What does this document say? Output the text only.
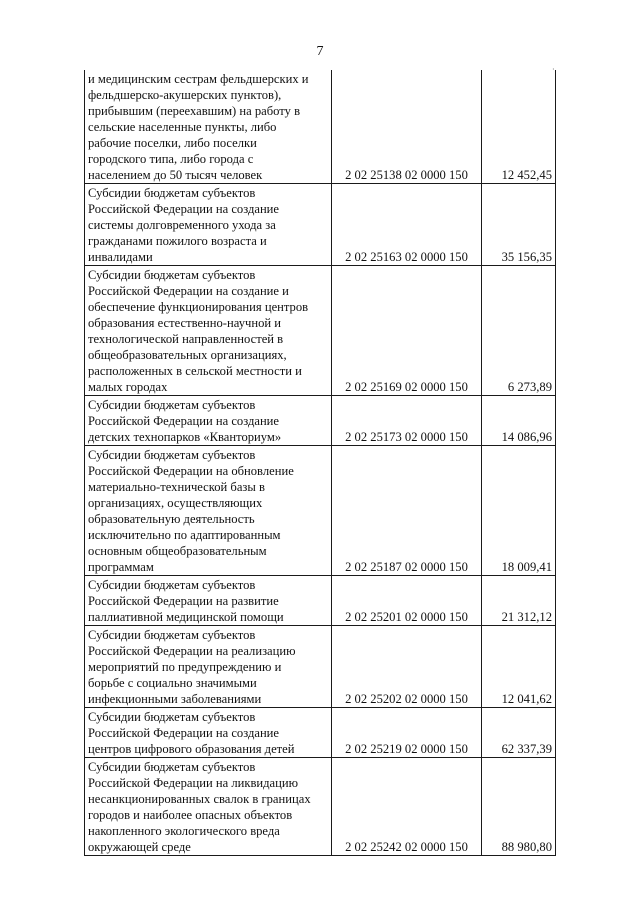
7
·
и медицинским сестрам фельдшерских и
фельдшерско-акушерских пунктов),
прибывшим (переехавшим) на работу в
сельские населенные пункты, либо
рабочие поселки, либо поселки
городского типа, либо города с
населением до 50 тысяч человек	2 02 25138 02 0000 150	12 452,45
Субсидии бюджетам субъектов
Российской Федерации на создание
системы долговременного ухода за
гражданами пожилого возраста и
инвалидами	2 02 25163 02 0000 150	35 156,35
Субсидии бюджетам субъектов
Российской Федерации на создание и
обеспечение функционирования центров
образования естественно-научной и
технологической направленностей в
общеобразовательных организациях,
расположенных в сельской местности и
малых городах	2 02 25169 02 0000 150	6 273,89
Субсидии бюджетам субъектов
Российской Федерации на создание
детских технопарков «Кванториум»	2 02 25173 02 0000 150	14 086,96
Субсидии бюджетам субъектов
Российской Федерации на обновление
материально-технической базы в
организациях, осуществляющих
образовательную деятельность
исключительно по адаптированным
основным общеобразовательным
программам	2 02 25187 02 0000 150	18 009,41
Субсидии бюджетам субъектов
Российской Федерации на развитие
паллиативной медицинской помощи	2 02 25201 02 0000 150	21 312,12
Субсидии бюджетам субъектов
Российской Федерации на реализацию
мероприятий по предупреждению и
борьбе с социально значимыми
инфекционными заболеваниями	2 02 25202 02 0000 150	12 041,62
Субсидии бюджетам субъектов
Российской Федерации на создание
центров цифрового образования детей	2 02 25219 02 0000 150	62 337,39
Субсидии бюджетам субъектов
Российской Федерации на ликвидацию
несанкционированных свалок в границах
городов и наиболее опасных объектов
накопленного экологического вреда
окружающей среде	2 02 25242 02 0000 150	88 980,80
